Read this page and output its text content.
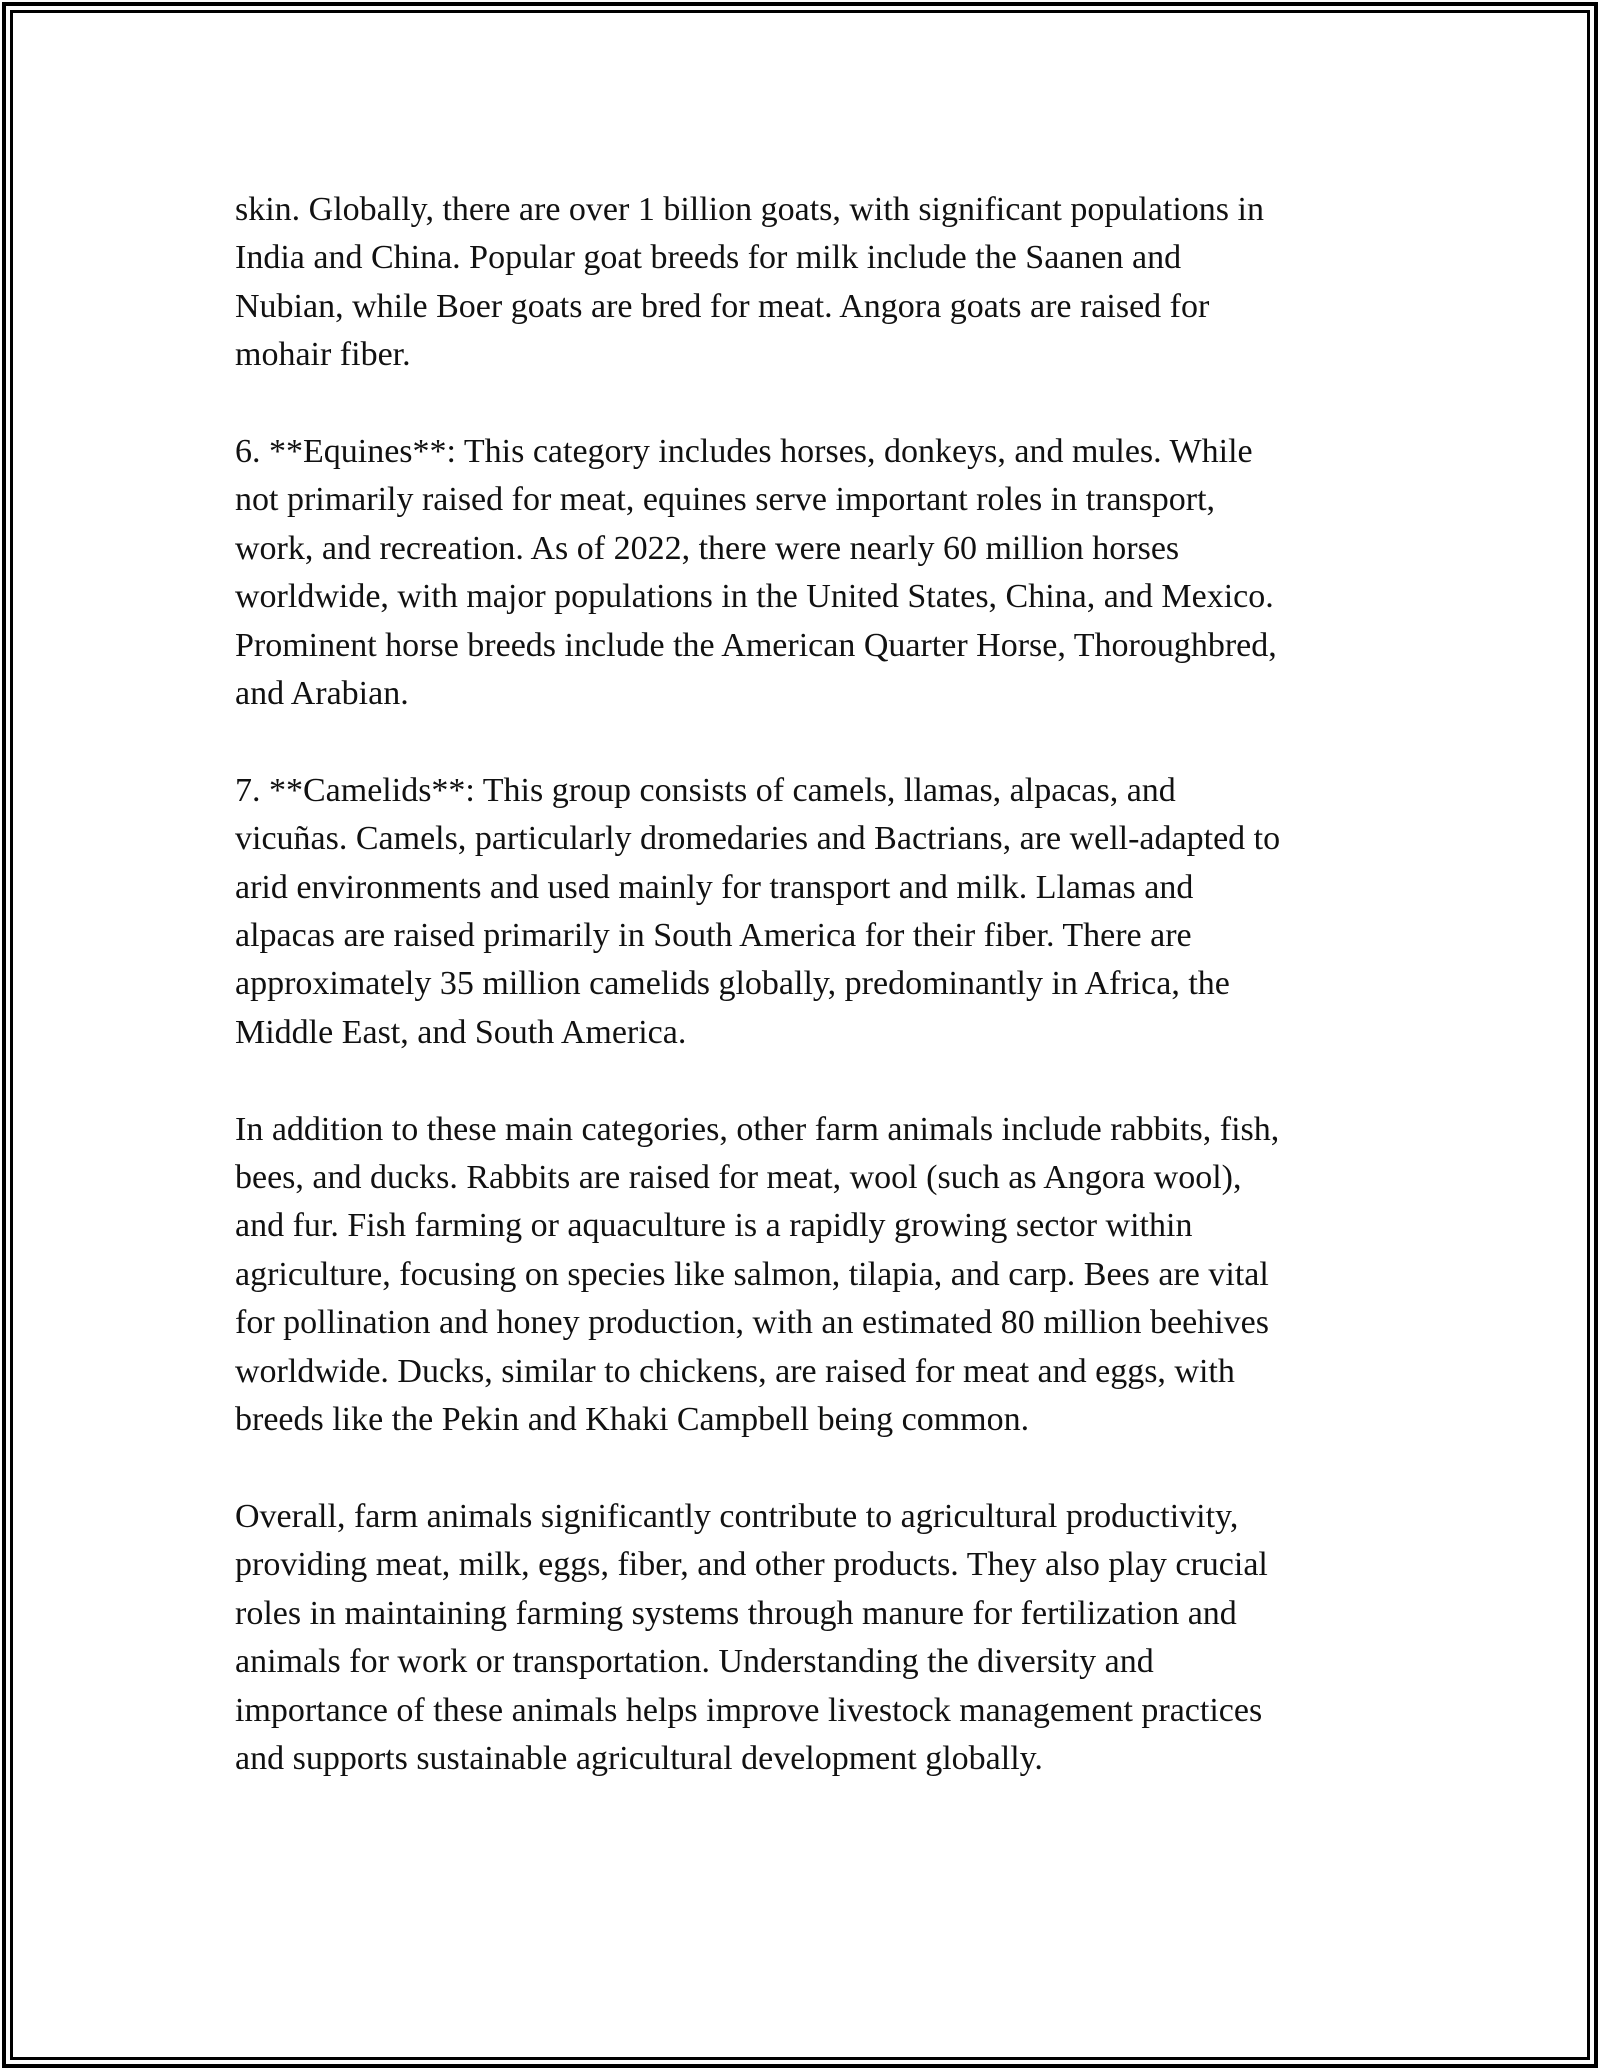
skin. Globally, there are over 1 billion goats, with significant populations in
India and China. Popular goat breeds for milk include the Saanen and
Nubian, while Boer goats are bred for meat. Angora goats are raised for
mohair fiber.

6. **Equines**: This category includes horses, donkeys, and mules. While
not primarily raised for meat, equines serve important roles in transport,
work, and recreation. As of 2022, there were nearly 60 million horses
worldwide, with major populations in the United States, China, and Mexico.
Prominent horse breeds include the American Quarter Horse, Thoroughbred,
and Arabian.

7. **Camelids**: This group consists of camels, llamas, alpacas, and
vicuñas. Camels, particularly dromedaries and Bactrians, are well-adapted to
arid environments and used mainly for transport and milk. Llamas and
alpacas are raised primarily in South America for their fiber. There are
approximately 35 million camelids globally, predominantly in Africa, the
Middle East, and South America.

In addition to these main categories, other farm animals include rabbits, fish,
bees, and ducks. Rabbits are raised for meat, wool (such as Angora wool),
and fur. Fish farming or aquaculture is a rapidly growing sector within
agriculture, focusing on species like salmon, tilapia, and carp. Bees are vital
for pollination and honey production, with an estimated 80 million beehives
worldwide. Ducks, similar to chickens, are raised for meat and eggs, with
breeds like the Pekin and Khaki Campbell being common.

Overall, farm animals significantly contribute to agricultural productivity,
providing meat, milk, eggs, fiber, and other products. They also play crucial
roles in maintaining farming systems through manure for fertilization and
animals for work or transportation. Understanding the diversity and
importance of these animals helps improve livestock management practices
and supports sustainable agricultural development globally.
